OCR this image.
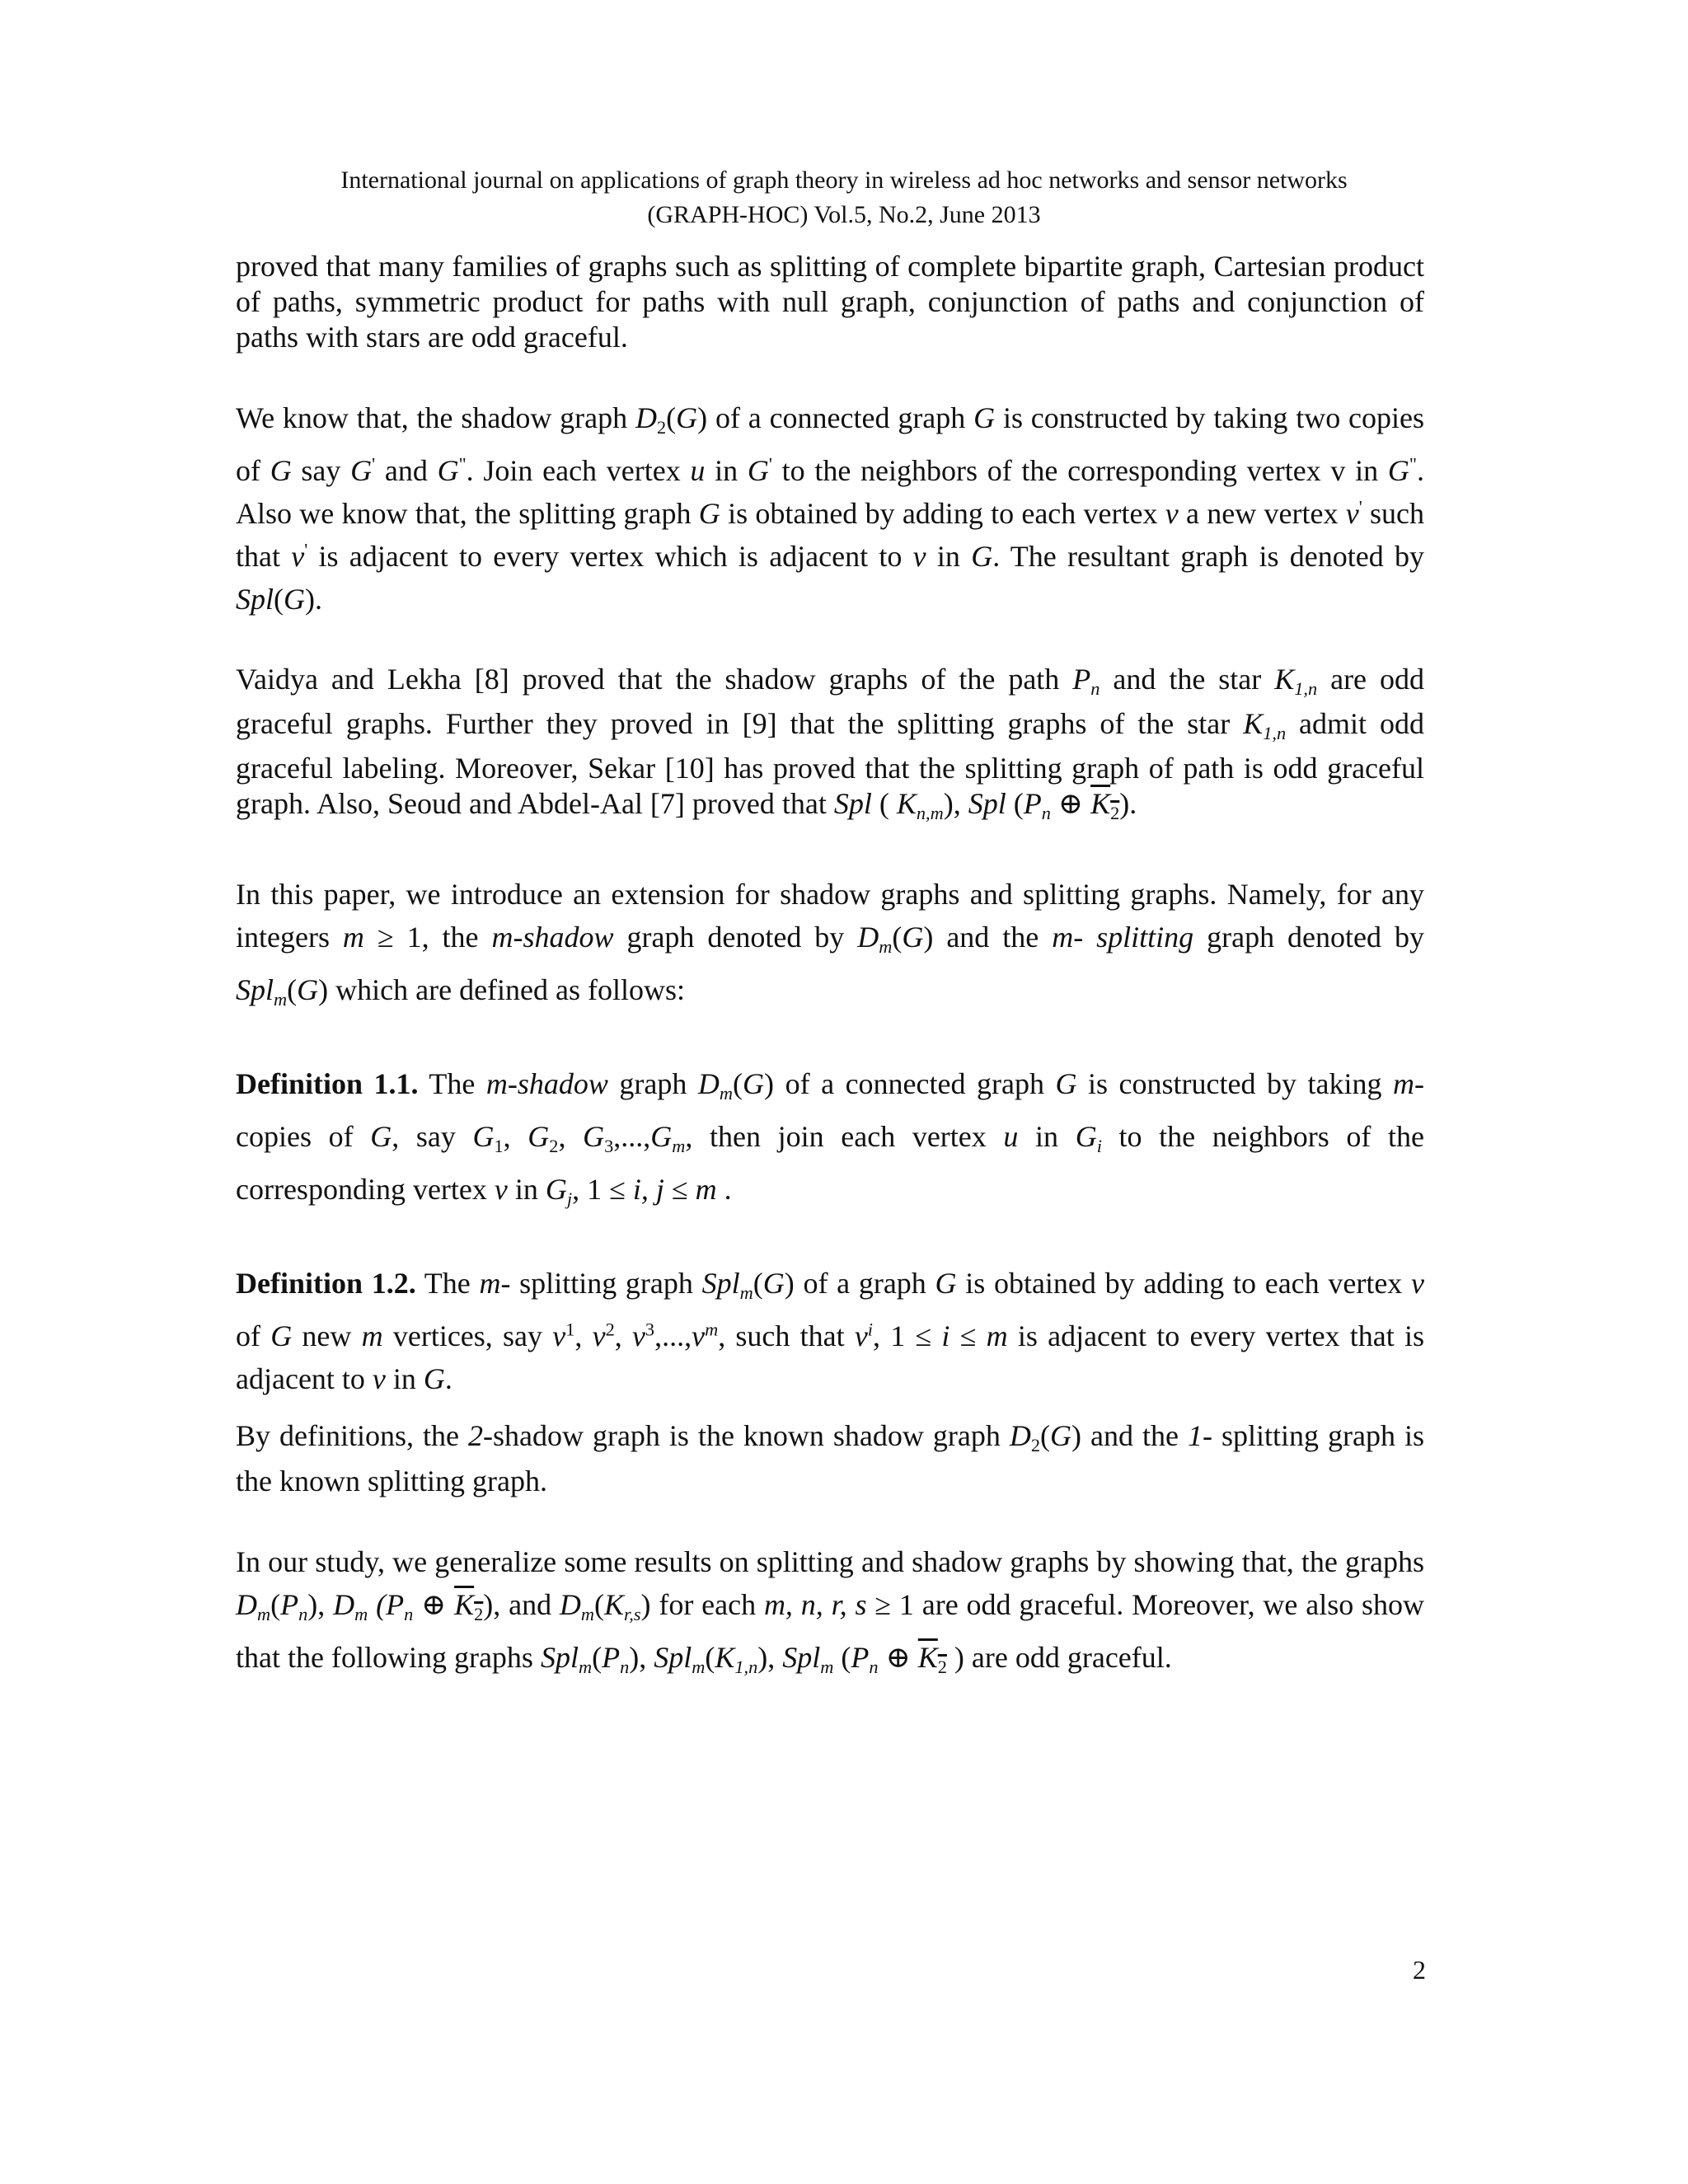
International journal on applications of graph theory in wireless ad hoc networks and sensor networks
(GRAPH-HOC) Vol.5, No.2, June 2013

proved that many families of graphs such as splitting of complete bipartite graph, Cartesian product of paths, symmetric product for paths with null graph, conjunction of paths and conjunction of paths with stars are odd graceful.

We know that, the shadow graph $D_2(G)$ of a connected graph G is constructed by taking two copies of G say G' and G". Join each vertex u in G' to the neighbors of the corresponding vertex v in G". Also we know that, the splitting graph G is obtained by adding to each vertex v a new vertex v' such that v' is adjacent to every vertex which is adjacent to v in G. The resultant graph is denoted by Spl(G).

Vaidya and Lekha [8] proved that the shadow graphs of the path $P_n$ and the star $K_{1,n}$ are odd graceful graphs. Further they proved in [9] that the splitting graphs of the star $K_{1,n}$ admit odd graceful labeling. Moreover, Sekar [10] has proved that the splitting graph of path is odd graceful graph. Also, Seoud and Abdel-Aal [7] proved that Spl ( $K_{n,m}$), Spl ($P_n$ ⊕ $K_2$).

In this paper, we introduce an extension for shadow graphs and splitting graphs. Namely, for any integers m ≥ 1, the m-shadow graph denoted by $D_m(G)$ and the m- splitting graph denoted by Spl$_m$(G) which are defined as follows:

Definition 1.1. The m-shadow graph $D_m(G)$ of a connected graph G is constructed by taking m-copies of G, say $G_1$, $G_2$, $G_3,...,G_m$, then join each vertex u in $G_i$ to the neighbors of the corresponding vertex v in $G_j$, 1 ≤ i, j ≤ m .

Definition 1.2. The m- splitting graph Spl$_m$(G) of a graph G is obtained by adding to each vertex v of G new m vertices, say $v^1$, $v^2$, $v^3,...,v^m$, such that $v^i$, 1 ≤ i ≤ m is adjacent to every vertex that is adjacent to v in G.

By definitions, the 2-shadow graph is the known shadow graph $D_2(G)$ and the 1- splitting graph is the known splitting graph.

In our study, we generalize some results on splitting and shadow graphs by showing that, the graphs $D_m(P_n)$, $D_m$ ($P_n$ ⊕ $K_2$), and $D_m(K_{r,s})$ for each m, n, r, s ≥ 1 are odd graceful. Moreover, we also show that the following graphs $Spl_m(P_n)$, $Spl_m(K_{1,n})$, Spl$_m$ ($P_n$ ⊕ $K_2$ ) are odd graceful.

2
